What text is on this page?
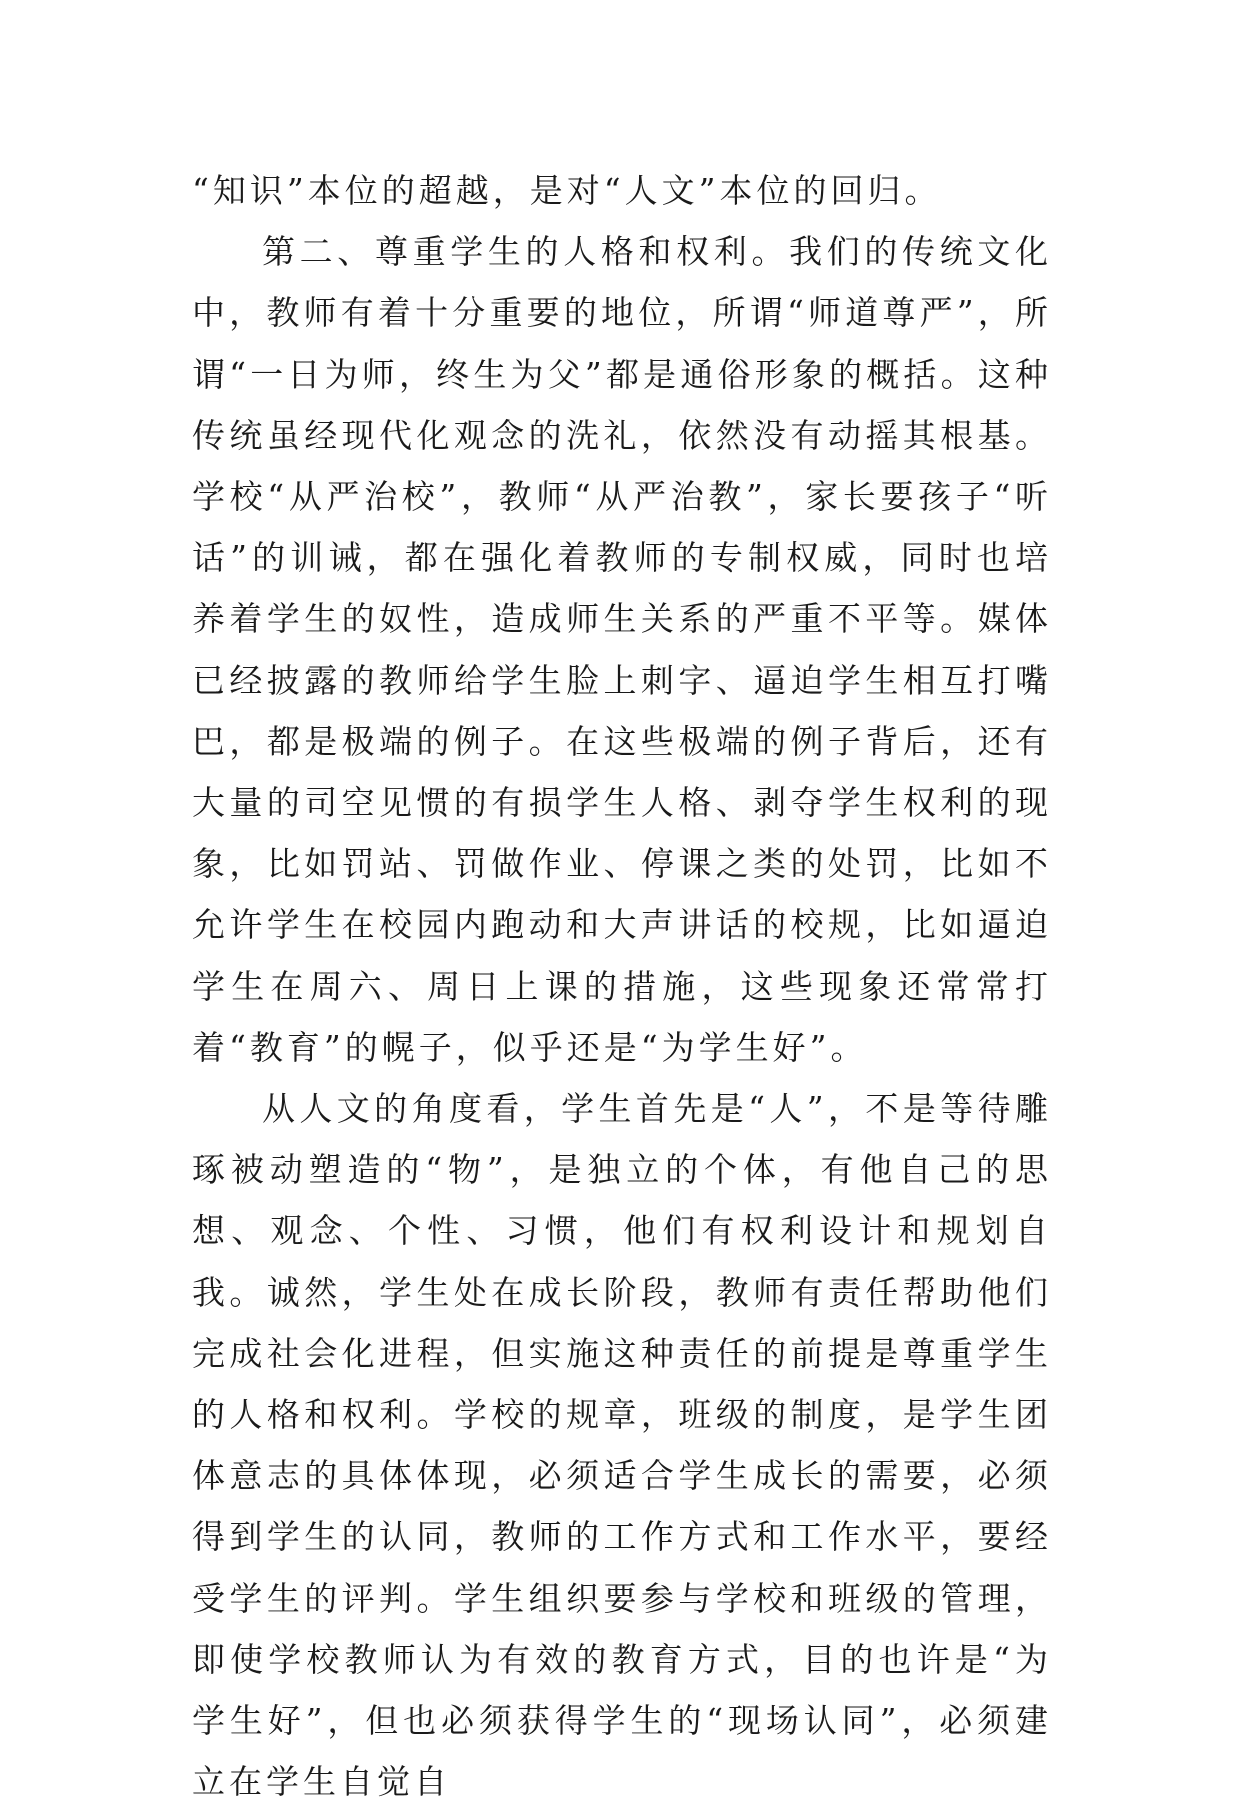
“知识”本位的超越，是对“人文”本位的回归。

第二、尊重学生的人格和权利。我们的传统文化中，教师有着十分重要的地位，所谓“师道尊严”，所谓“一日为师，终生为父”都是通俗形象的概括。这种传统虽经现代化观念的洗礼，依然没有动摇其根基。学校“从严治校”，教师“从严治教”，家长要孩子“听话”的训诫，都在强化着教师的专制权威，同时也培养着学生的奴性，造成师生关系的严重不平等。媒体已经披露的教师给学生脸上刺字、逼迫学生相互打嘴巴，都是极端的例子。在这些极端的例子背后，还有大量的司空见惯的有损学生人格、剥夺学生权利的现象，比如罚站、罚做作业、停课之类的处罚，比如不允许学生在校园内跑动和大声讲话的校规，比如逼迫学生在周六、周日上课的措施，这些现象还常常打着“教育”的幌子，似乎还是“为学生好”。

从人文的角度看，学生首先是“人”，不是等待雕琢被动塑造的“物”，是独立的个体，有他自己的思想、观念、个性、习惯，他们有权利设计和规划自我。诚然，学生处在成长阶段，教师有责任帮助他们完成社会化进程，但实施这种责任的前提是尊重学生的人格和权利。学校的规章，班级的制度，是学生团体意志的具体体现，必须适合学生成长的需要，必须得到学生的认同，教师的工作方式和工作水平，要经受学生的评判。学生组织要参与学校和班级的管理，即使学校教师认为有效的教育方式，目的也许是“为学生好”，但也必须获得学生的“现场认同”，必须建立在学生自觉自
